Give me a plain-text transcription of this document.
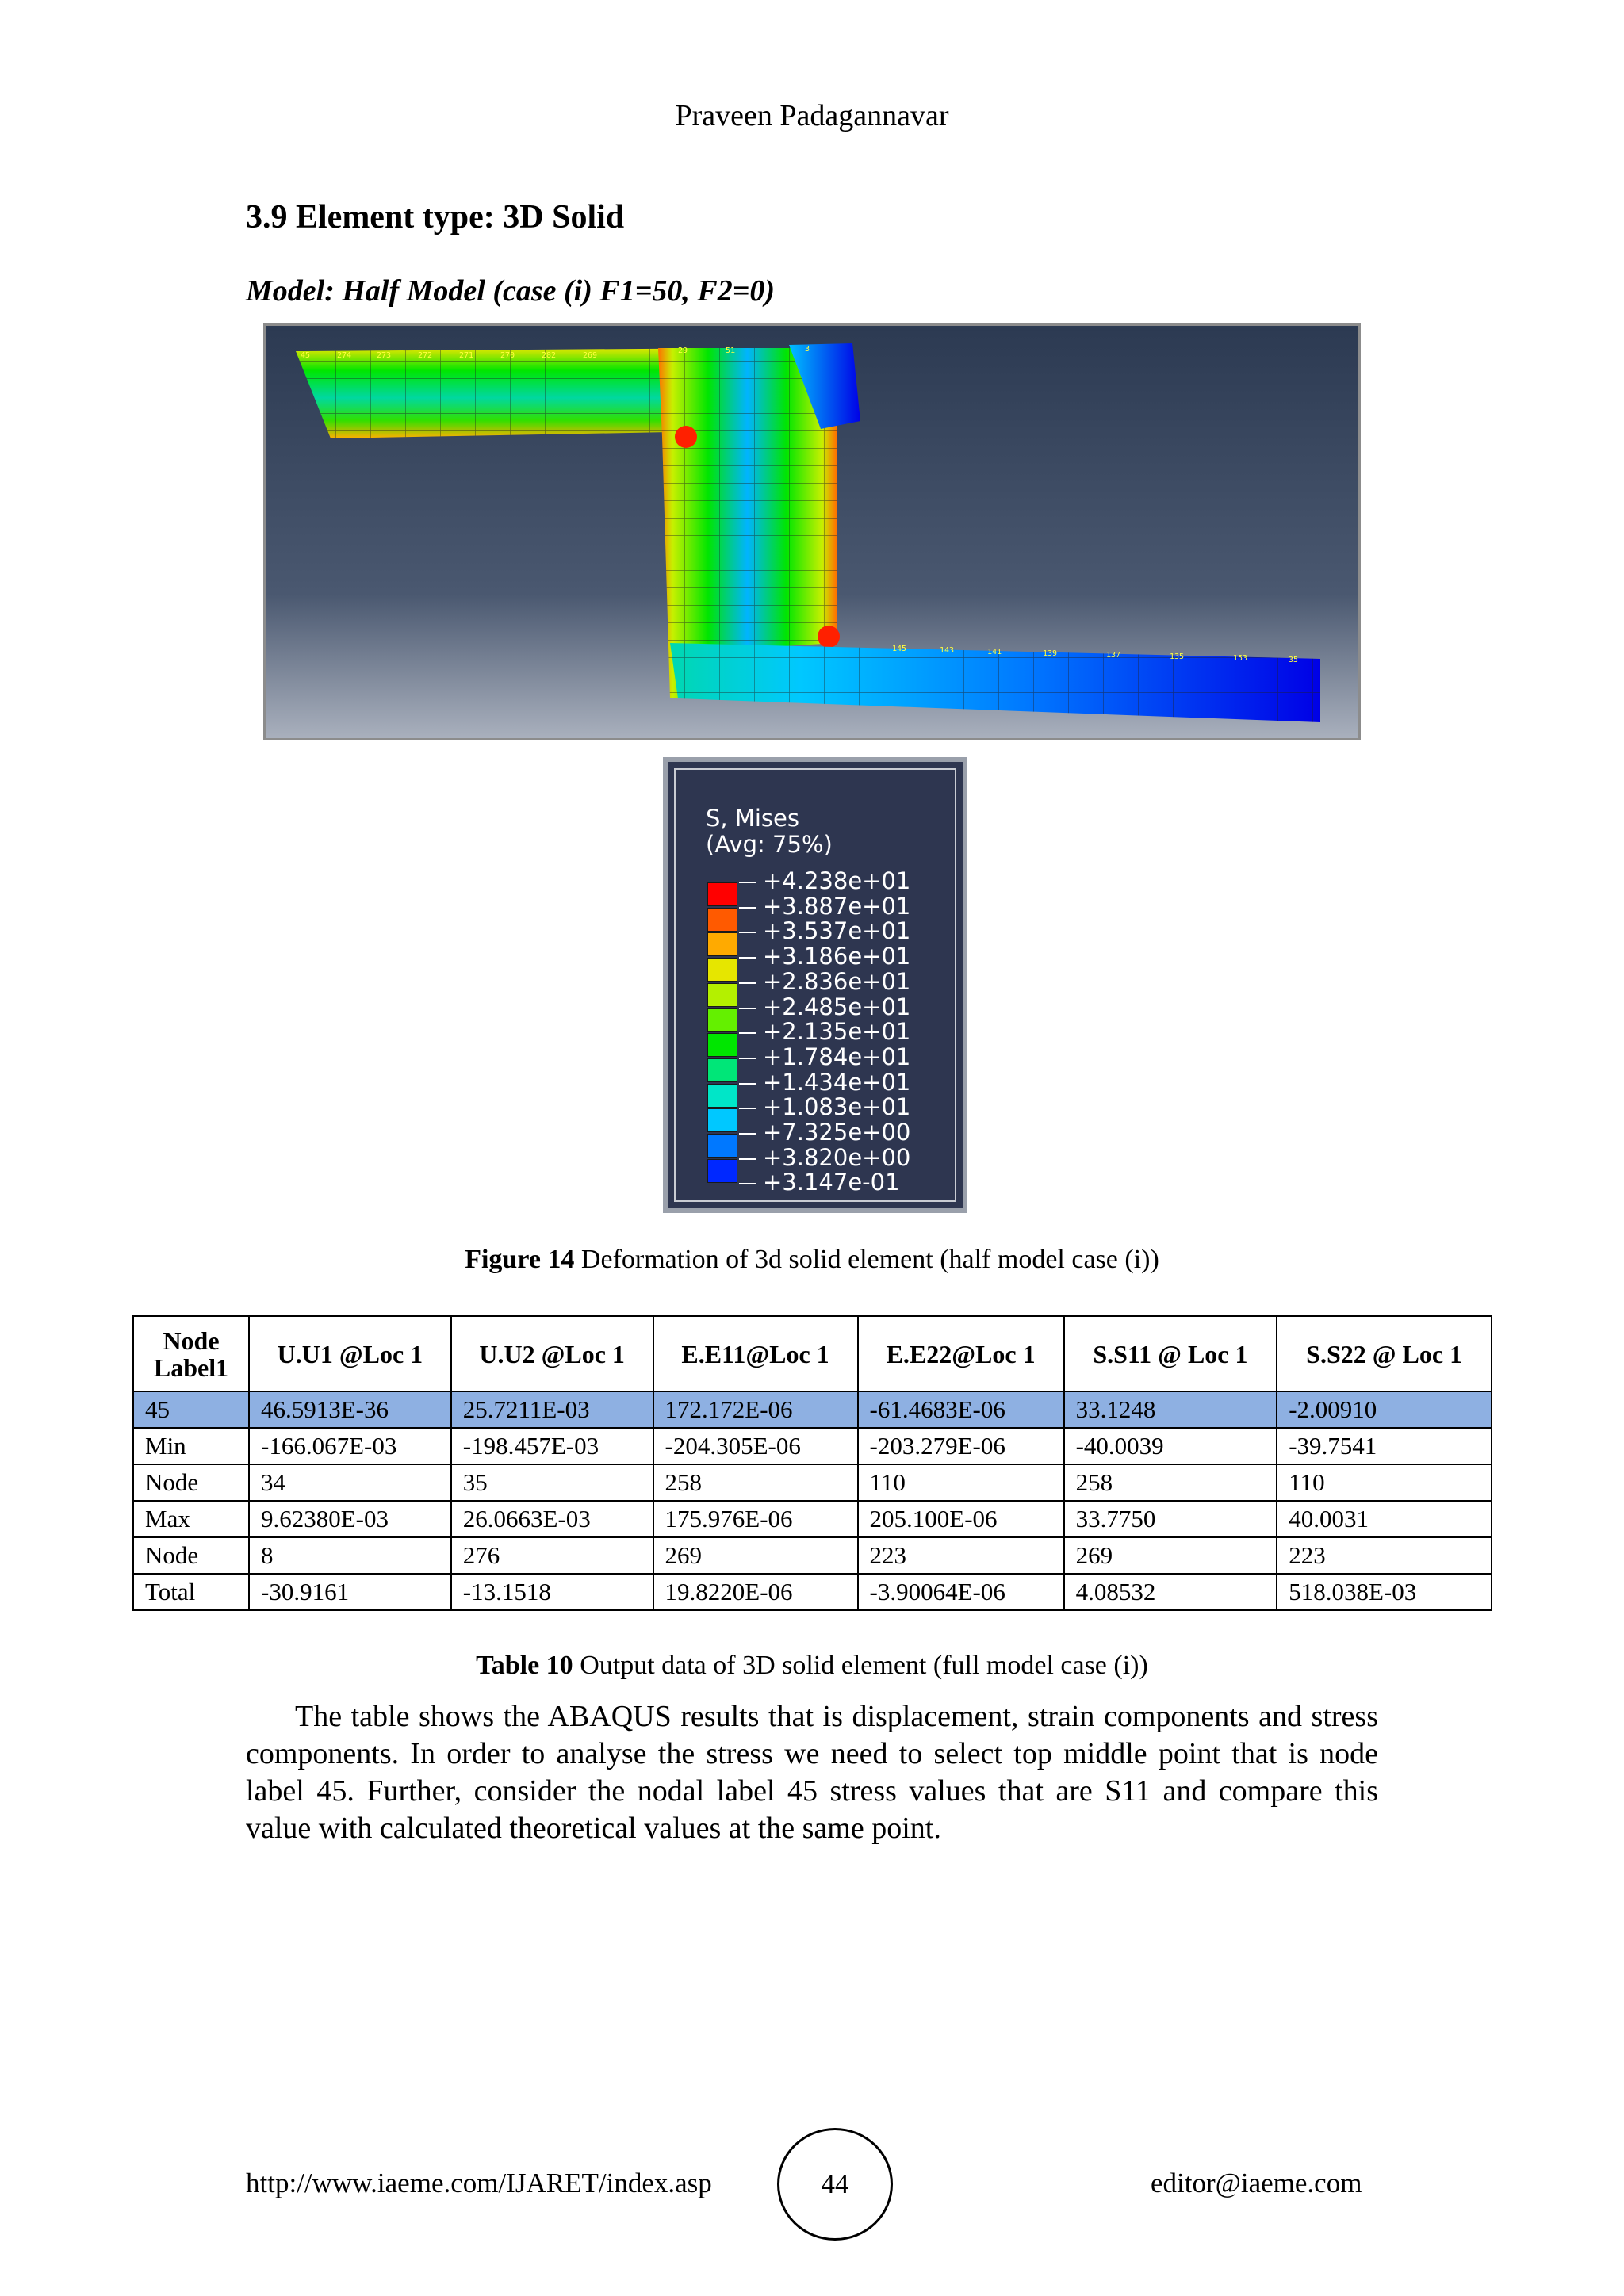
Praveen Padagannavar
3.9 Element type: 3D Solid
Model: Half Model (case (i) F1=50, F2=0)
45	274	273	272	271	270	282	269
29	51	3
145	143	141	139	137	135	153	35
S, Mises
(Avg: 75%)
+4.238e+01
+3.887e+01
+3.537e+01
+3.186e+01
+2.836e+01
+2.485e+01
+2.135e+01
+1.784e+01
+1.434e+01
+1.083e+01
+7.325e+00
+3.820e+00
+3.147e-01
Figure 14 Deformation of 3d solid element (half model case (i))
Node Label1	U.U1 @Loc 1	U.U2 @Loc 1	E.E11@Loc 1	E.E22@Loc 1	S.S11 @ Loc 1	S.S22 @ Loc 1
45	46.5913E-36	25.7211E-03	172.172E-06	-61.4683E-06	33.1248	-2.00910
Min	-166.067E-03	-198.457E-03	-204.305E-06	-203.279E-06	-40.0039	-39.7541
Node	34	35	258	110	258	110
Max	9.62380E-03	26.0663E-03	175.976E-06	205.100E-06	33.7750	40.0031
Node	8	276	269	223	269	223
Total	-30.9161	-13.1518	19.8220E-06	-3.90064E-06	4.08532	518.038E-03
Table 10 Output data of 3D solid element (full model case (i))
The table shows the ABAQUS results that is displacement, strain components and stress components. In order to analyse the stress we need to select top middle point that is node label 45. Further, consider the nodal label 45 stress values that are S11 and compare this value with calculated theoretical values at the same point.
http://www.iaeme.com/IJARET/index.asp	44	editor@iaeme.com
